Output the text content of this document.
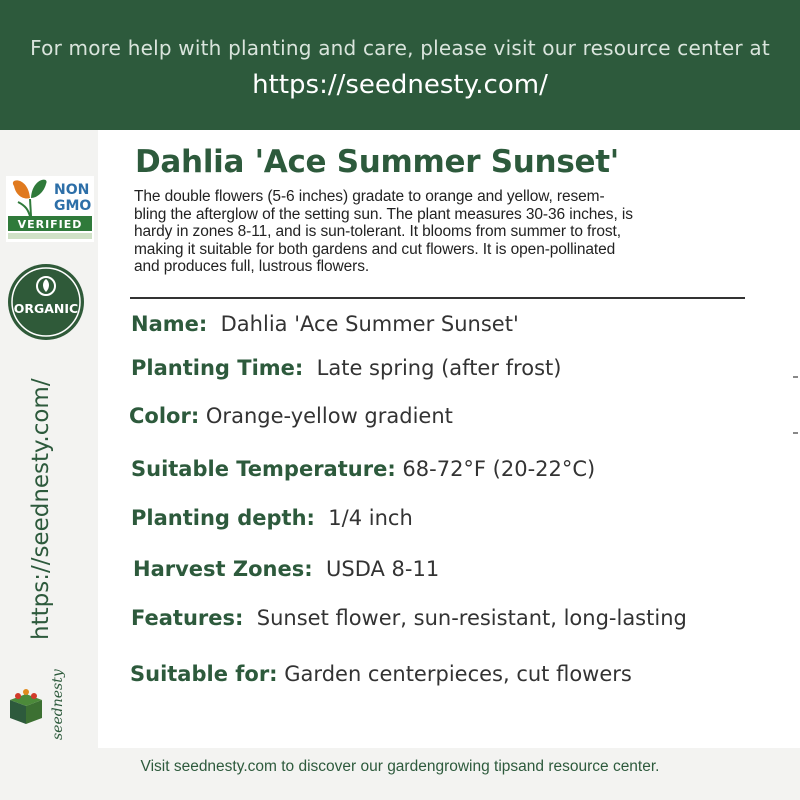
For more help with planting and care, please visit our resource center at
https://seednesty.com/
NON
GMO
VERIFIED
ORGANIC
https://seednesty.com/
seednesty
Dahlia 'Ace Summer Sunset'
The double flowers (5-6 inches) gradate to orange and yellow, resem-
bling the afterglow of the setting sun. The plant measures 30-36 inches, is
hardy in zones 8-11, and is sun-tolerant. It blooms from summer to frost,
making it suitable for both gardens and cut flowers. It is open-pollinated
and produces full, lustrous flowers.
Name: Dahlia 'Ace Summer Sunset'
Planting Time: Late spring (after frost)
Color: Orange-yellow gradient
Suitable Temperature: 68-72°F (20-22°C)
Planting depth: 1/4 inch
Harvest Zones: USDA 8-11
Features: Sunset flower, sun-resistant, long-lasting
Suitable for: Garden centerpieces, cut flowers
Visit seednesty.com to discover our gardengrowing tipsand resource center.
